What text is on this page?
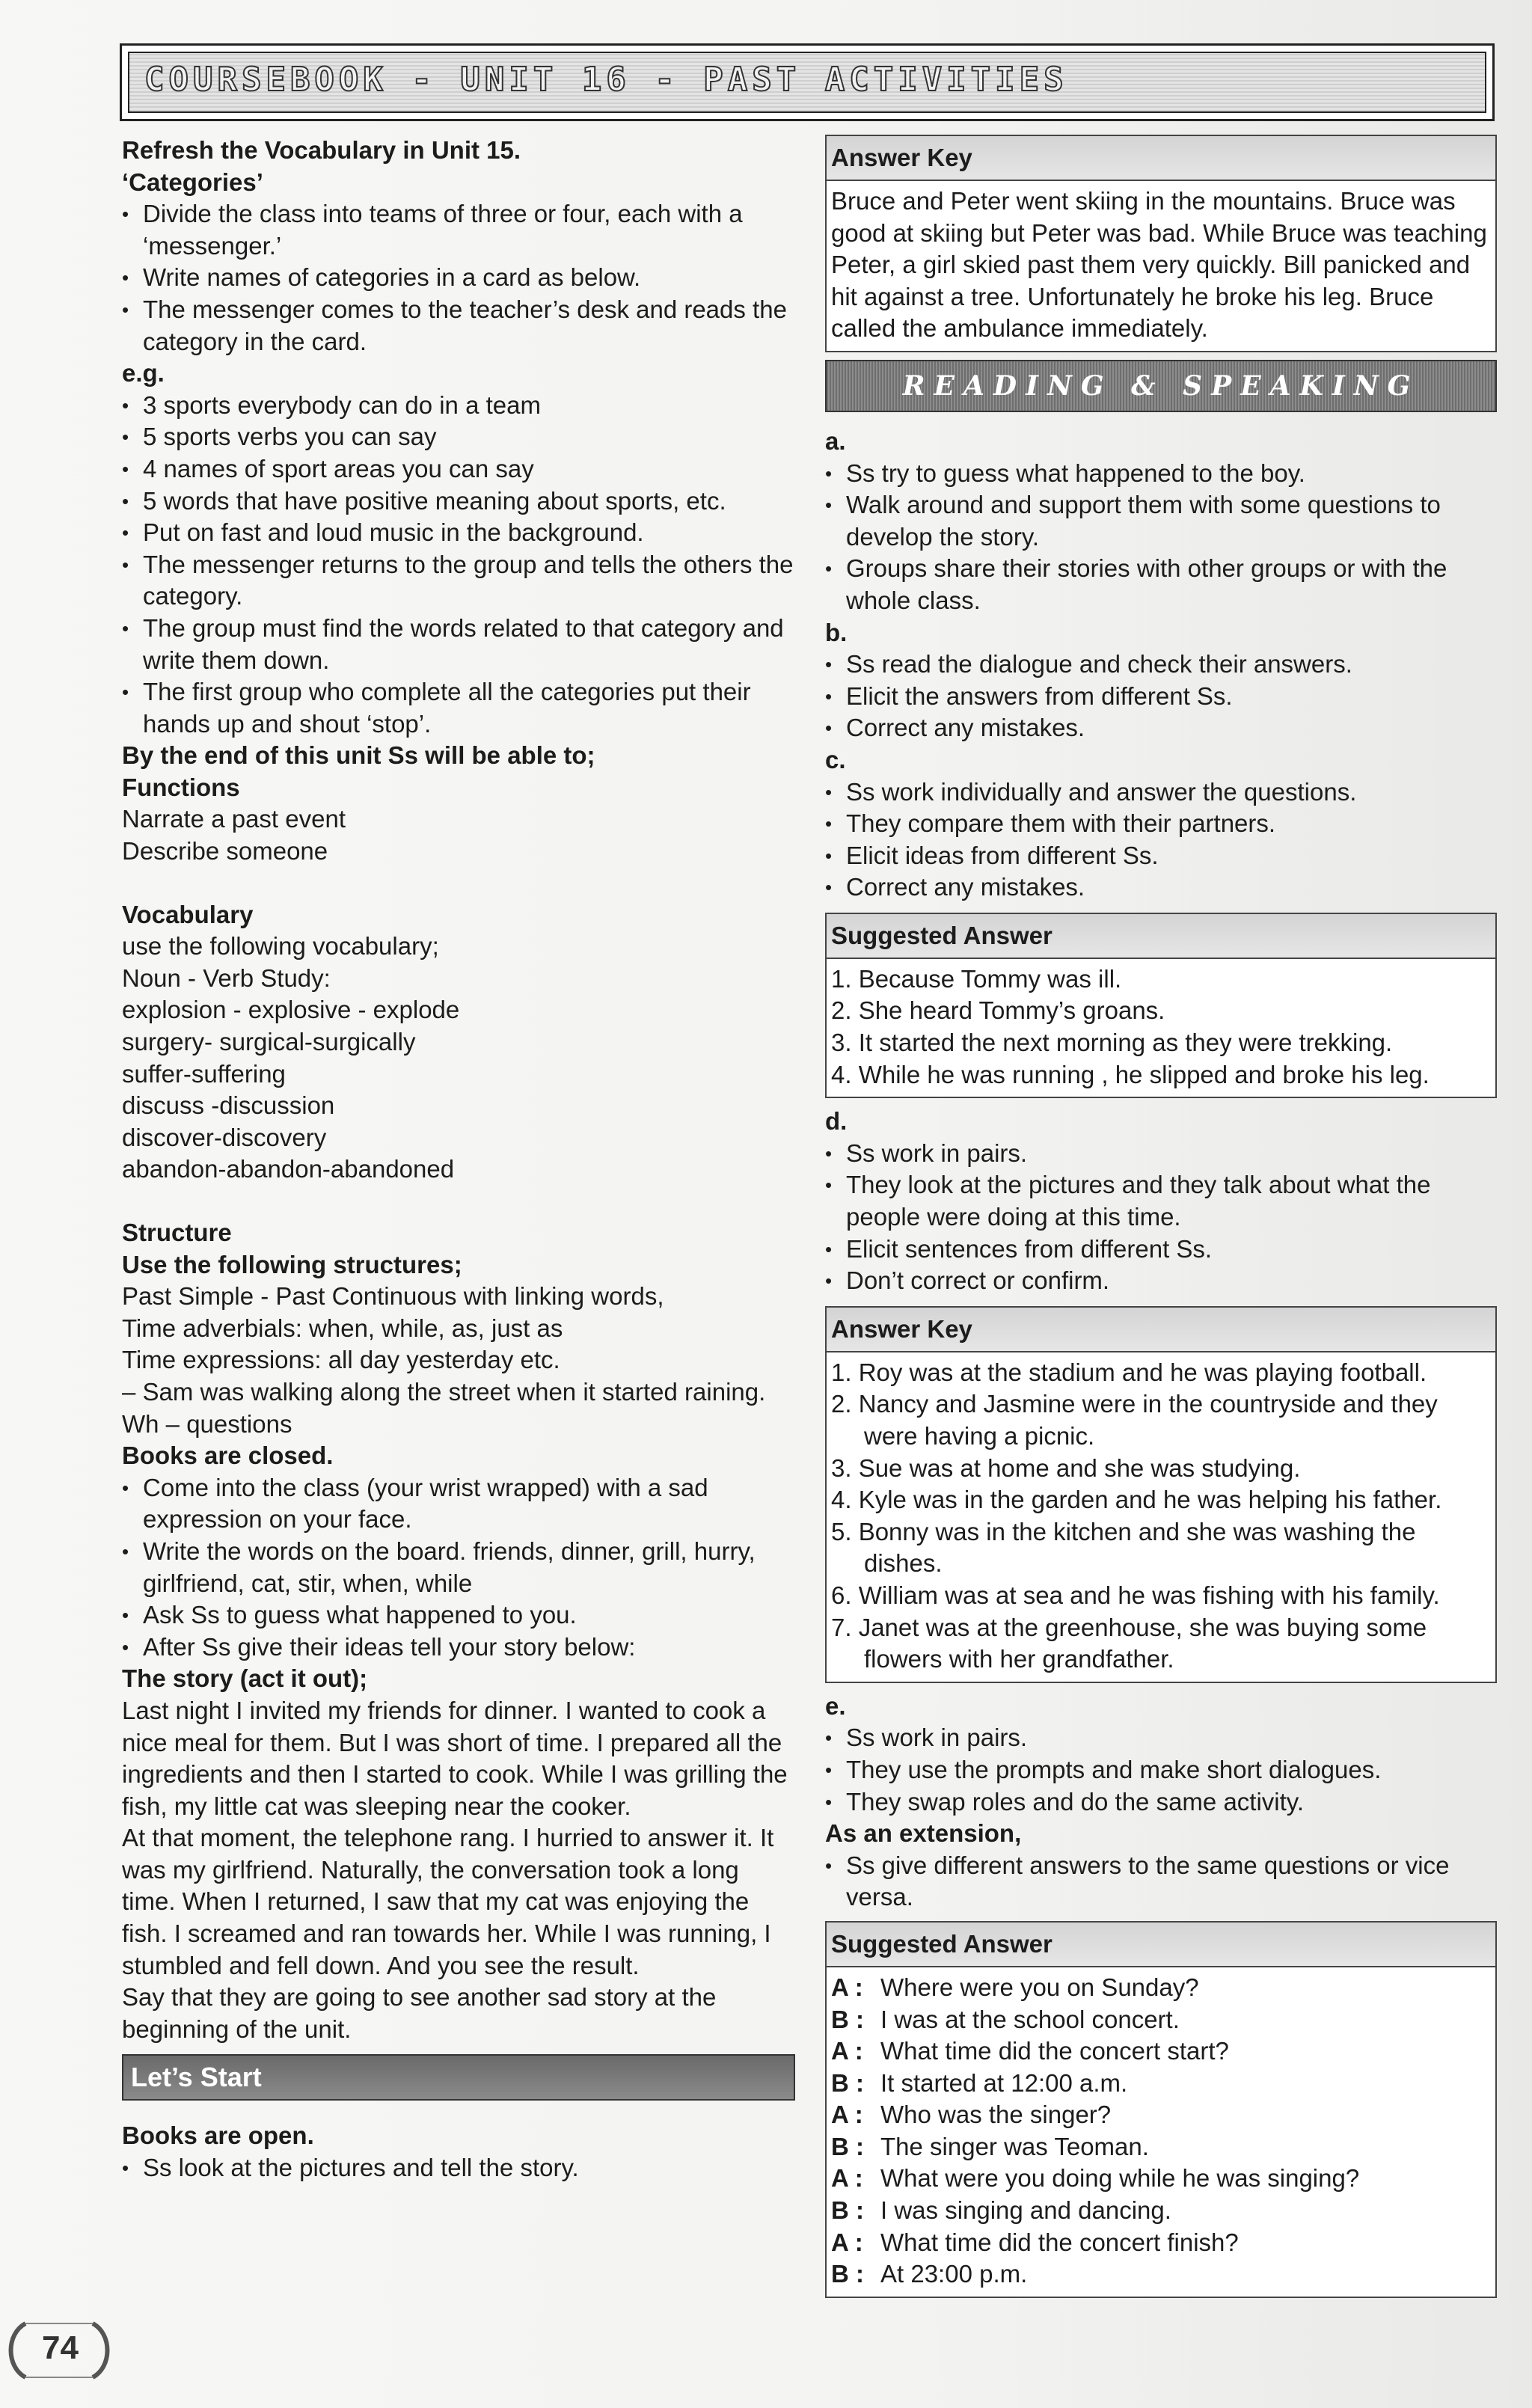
COURSEBOOK - UNIT 16 - PAST ACTIVITIES

Refresh the Vocabulary in Unit 15.

‘Categories’

• Divide the class into teams of three or four, each with a ‘messenger.’

• Write names of categories in a card as below.

• The messenger comes to the teacher’s desk and reads the category in the card.

e.g.

• 3 sports everybody can do in a team

• 5 sports verbs you can say

• 4 names of sport areas you can say

• 5 words that have positive meaning about sports, etc.

• Put on fast and loud music in the background.

• The messenger returns to the group and tells the others the category.

• The group must find the words related to that category and write them down.

• The first group who complete all the categories put their hands up and shout ‘stop’.

By the end of this unit Ss will be able to;

Functions

Narrate a past event

Describe someone

Vocabulary

use the following vocabulary;

Noun - Verb Study:

explosion - explosive - explode

surgery- surgical-surgically

suffer-suffering

discuss -discussion

discover-discovery

abandon-abandon-abandoned

Structure

Use the following structures;

Past Simple - Past Continuous with linking words,

Time adverbials: when, while, as, just as

Time expressions: all day yesterday etc.

– Sam was walking along the street when it started raining.

Wh – questions

Books are closed.

• Come into the class (your wrist wrapped) with a sad expression on your face.

• Write the words on the board. friends, dinner, grill, hurry, girlfriend, cat, stir, when, while

• Ask Ss to guess what happened to you.

• After Ss give their ideas tell your story below:

The story (act it out);

Last night I invited my friends for dinner. I wanted to cook a nice meal for them. But I was short of time. I prepared all the ingredients and then I started to cook. While I was grilling the fish, my little cat was sleeping near the cooker.

At that moment, the telephone rang. I hurried to answer it. It was my girlfriend. Naturally, the conversation took a long time. When I returned, I saw that my cat was enjoying the fish. I screamed and ran towards her. While I was running, I stumbled and fell down. And you see the result.

Say that they are going to see another sad story at the beginning of the unit.

Let’s Start

Books are open.

• Ss look at the pictures and tell the story.

Answer Key

Bruce and Peter went skiing in the mountains. Bruce was good at skiing but Peter was bad. While Bruce was teaching Peter, a girl skied past them very quickly. Bill panicked and hit against a tree. Unfortunately he broke his leg. Bruce called the ambulance immediately.

READING & SPEAKING

a.

• Ss try to guess what happened to the boy.

• Walk around and support them with some questions to develop the story.

• Groups share their stories with other groups or with the whole class.

b.

• Ss read the dialogue and check their answers.

• Elicit the answers from different Ss.

• Correct any mistakes.

c.

• Ss work individually and answer the questions.

• They compare them with their partners.

• Elicit ideas from different Ss.

• Correct any mistakes.

Suggested Answer

1. Because Tommy was ill.

2. She heard Tommy’s groans.

3. It started the next morning as they were trekking.

4. While he was running , he slipped and broke his leg.

d.

• Ss work in pairs.

• They look at the pictures and they talk about what the people were doing at this time.

• Elicit sentences from different Ss.

• Don’t correct or confirm.

Answer Key

1. Roy was at the stadium and he was playing football.

2. Nancy and Jasmine were in the countryside and they were having a picnic.

3. Sue was at home and she was studying.

4. Kyle was in the garden and he was helping his father.

5. Bonny was in the kitchen and she was washing the dishes.

6. William was at sea and he was fishing with his family.

7. Janet was at the greenhouse, she was buying some flowers with her grandfather.

e.

• Ss work in pairs.

• They use the prompts and make short dialogues.

• They swap roles and do the same activity.

As an extension,

• Ss give different answers to the same questions or vice versa.

Suggested Answer
A : Where were you on Sunday?
B : I was at the school concert.
A : What time did the concert start?
B : It started at 12:00 a.m.
A : Who was the singer?
B : The singer was Teoman.
A : What were you doing while he was singing?
B : I was singing and dancing.
A : What time did the concert finish?
B : At 23:00 p.m.
74
